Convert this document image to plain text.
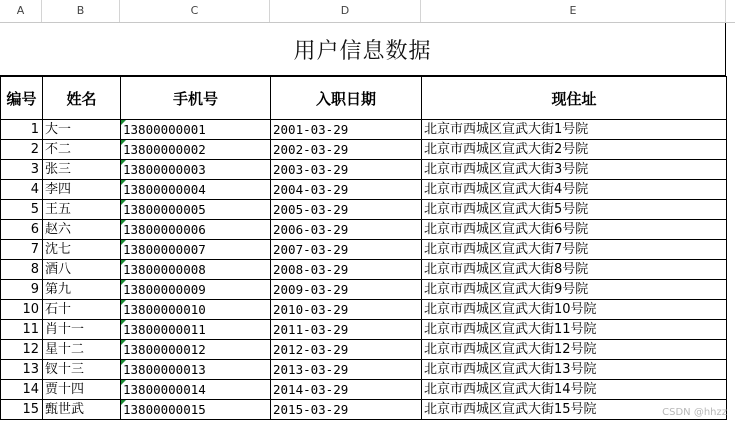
A	B	C	D	E
用户信息数据
编号	姓名	手机号	入职日期	现住址
1	大一	13800000001	2001-03-29	北京市西城区宣武大街1号院
2	不二	13800000002	2002-03-29	北京市西城区宣武大街2号院
3	张三	13800000003	2003-03-29	北京市西城区宣武大街3号院
4	李四	13800000004	2004-03-29	北京市西城区宣武大街4号院
5	王五	13800000005	2005-03-29	北京市西城区宣武大街5号院
6	赵六	13800000006	2006-03-29	北京市西城区宣武大街6号院
7	沈七	13800000007	2007-03-29	北京市西城区宣武大街7号院
8	酒八	13800000008	2008-03-29	北京市西城区宣武大街8号院
9	第九	13800000009	2009-03-29	北京市西城区宣武大街9号院
10	石十	13800000010	2010-03-29	北京市西城区宣武大街10号院
11	肖十一	13800000011	2011-03-29	北京市西城区宣武大街11号院
12	星十二	13800000012	2012-03-29	北京市西城区宣武大街12号院
13	钗十三	13800000013	2013-03-29	北京市西城区宣武大街13号院
14	贾十四	13800000014	2014-03-29	北京市西城区宣武大街14号院
15	甄世武	13800000015	2015-03-29	北京市西城区宣武大街15号院	CSDN @hhzz
